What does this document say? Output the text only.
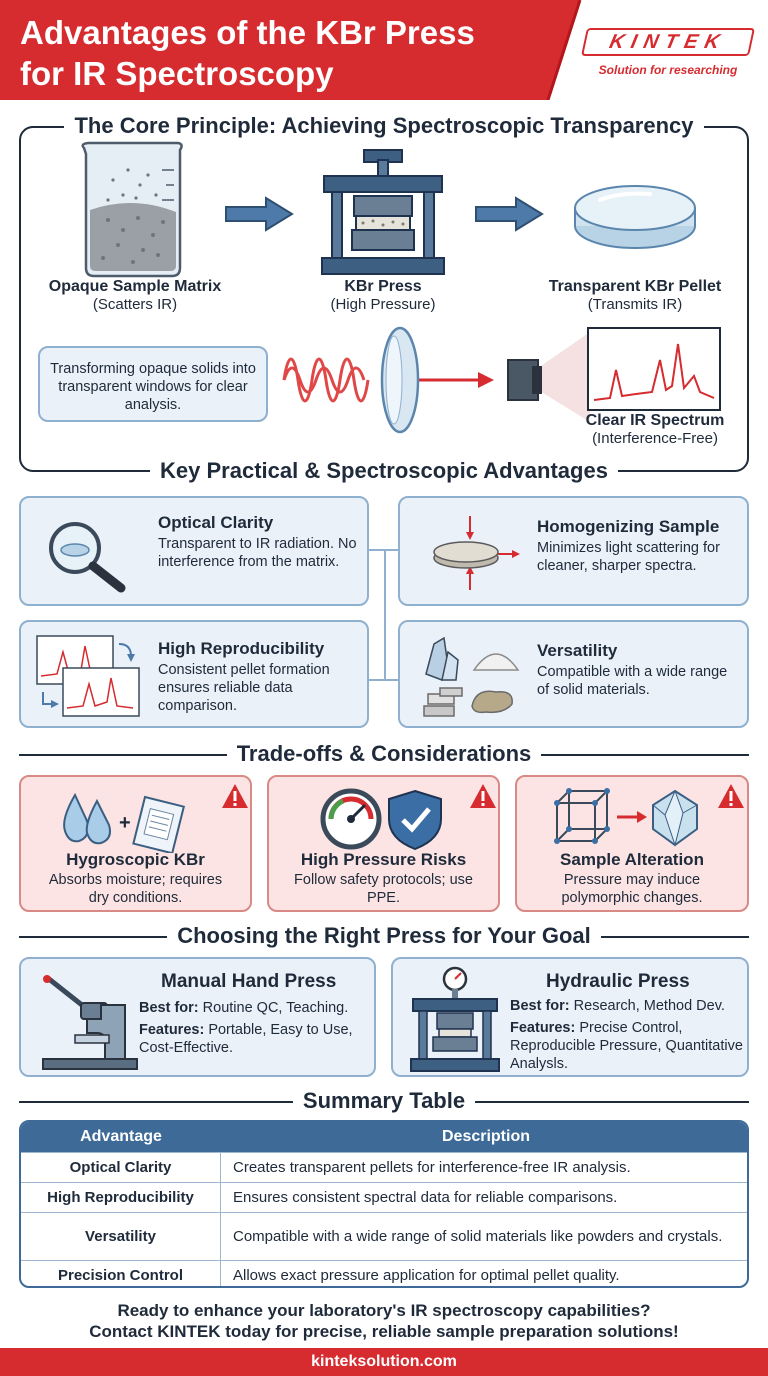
Advantages of the KBr Press
for IR Spectroscopy
KINTEK
Solution for researching
The Core Principle: Achieving Spectroscopic Transparency
Opaque Sample Matrix
(Scatters IR)
KBr Press
(High Pressure)
Transparent KBr Pellet
(Transmits IR)

Transforming opaque solids into transparent windows for clear analysis.

Clear IR Spectrum
(Interference-Free)
Key Practical & Spectroscopic Advantages
Optical Clarity

Transparent to IR radiation. No interference from the matrix.

Homogenizing Sample

Minimizes light scattering for cleaner, sharper spectra.

High Reproducibility

Consistent pellet formation ensures reliable data comparison.

Versatility

Compatible with a wide range of solid materials.

Trade-offs & Considerations
+
Hygroscopic KBr

Absorbs moisture; requires dry conditions.

High Pressure Risks

Follow safety protocols; use PPE.

Sample Alteration

Pressure may induce polymorphic changes.

Choosing the Right Press for Your Goal
Manual Hand Press

Best for: Routine QC, Teaching.

Features: Portable, Easy to Use, Cost-Effective.

Hydraulic Press

Best for: Research, Method Dev.

Features: Precise Control, Reproducible Pressure, Quantitative Analysls.

Summary Table
Advantage	Description
Optical Clarity	Creates transparent pellets for interference-free IR analysis.
High Reproducibility	Ensures consistent spectral data for reliable comparisons.
Versatility	Compatible with a wide range of solid materials like powders and crystals.
Precision Control	Allows exact pressure application for optimal pellet quality.
Ready to enhance your laboratory's IR spectroscopy capabilities?
Contact KINTEK today for precise, reliable sample preparation solutions!
kinteksolution.com
